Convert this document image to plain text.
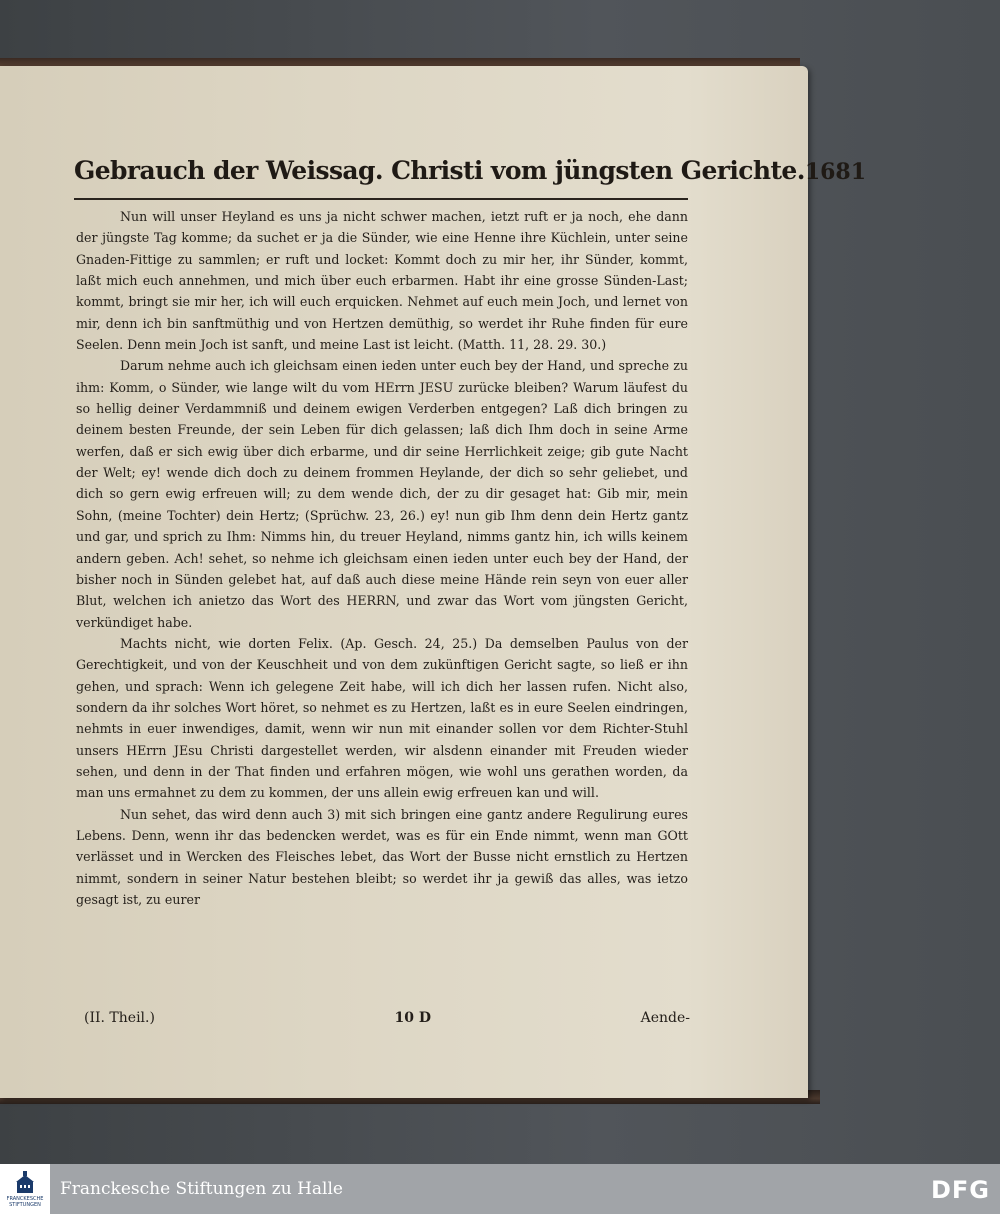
Gebrauch der Weissag. Christi vom jüngsten Gerichte. 1681

Nun will unser Heyland es uns ja nicht schwer machen, ietzt ruft er ja noch, ehe dann der jüngste Tag komme; da suchet er ja die Sünder, wie eine Henne ihre Küchlein, unter seine Gnaden-Fittige zu sammlen; er ruft und locket: Kommt doch zu mir her, ihr Sünder, kommt, laßt mich euch annehmen, und mich über euch erbarmen. Habt ihr eine grosse Sünden-Last; kommt, bringt sie mir her, ich will euch erquicken. Nehmet auf euch mein Joch, und lernet von mir, denn ich bin sanftmüthig und von Hertzen demüthig, so werdet ihr Ruhe finden für eure Seelen. Denn mein Joch ist sanft, und meine Last ist leicht. (Matth. 11, 28. 29. 30.)

Darum nehme auch ich gleichsam einen ieden unter euch bey der Hand, und spreche zu ihm: Komm, o Sünder, wie lange wilt du vom HErrn JESU zurücke bleiben? Warum läufest du so hellig deiner Verdammniß und deinem ewigen Verderben entgegen? Laß dich bringen zu deinem besten Freunde, der sein Leben für dich gelassen; laß dich Ihm doch in seine Arme werfen, daß er sich ewig über dich erbarme, und dir seine Herrlichkeit zeige; gib gute Nacht der Welt; ey! wende dich doch zu deinem frommen Heylande, der dich so sehr geliebet, und dich so gern ewig erfreuen will; zu dem wende dich, der zu dir gesaget hat: Gib mir, mein Sohn, (meine Tochter) dein Hertz; (Sprüchw. 23, 26.) ey! nun gib Ihm denn dein Hertz gantz und gar, und sprich zu Ihm: Nimms hin, du treuer Heyland, nimms gantz hin, ich wills keinem andern geben. Ach! sehet, so nehme ich gleichsam einen ieden unter euch bey der Hand, der bisher noch in Sünden gelebet hat, auf daß auch diese meine Hände rein seyn von euer aller Blut, welchen ich anietzo das Wort des HERRN, und zwar das Wort vom jüngsten Gericht, verkündiget habe.

Machts nicht, wie dorten Felix. (Ap. Gesch. 24, 25.) Da demselben Paulus von der Gerechtigkeit, und von der Keuschheit und von dem zukünftigen Gericht sagte, so ließ er ihn gehen, und sprach: Wenn ich gelegene Zeit habe, will ich dich her lassen rufen. Nicht also, sondern da ihr solches Wort höret, so nehmet es zu Hertzen, laßt es in eure Seelen eindringen, nehmts in euer inwendiges, damit, wenn wir nun mit einander sollen vor dem Richter-Stuhl unsers HErrn JEsu Christi dargestellet werden, wir alsdenn einander mit Freuden wieder sehen, und denn in der That finden und erfahren mögen, wie wohl uns gerathen worden, da man uns ermahnet zu dem zu kommen, der uns allein ewig erfreuen kan und will.

Nun sehet, das wird denn auch 3) mit sich bringen eine gantz andere Regulirung eures Lebens. Denn, wenn ihr das bedencken werdet, was es für ein Ende nimmt, wenn man GOtt verlässet und in Wercken des Fleisches lebet, das Wort der Busse nicht ernstlich zu Hertzen nimmt, sondern in seiner Natur bestehen bleibt; so werdet ihr ja gewiß das alles, was ietzo gesagt ist, zu eurer

(II. Theil.)	10 D	Aende-
FRANCKESCHE
STIFTUNGEN
Franckesche Stiftungen zu Halle	DFG
